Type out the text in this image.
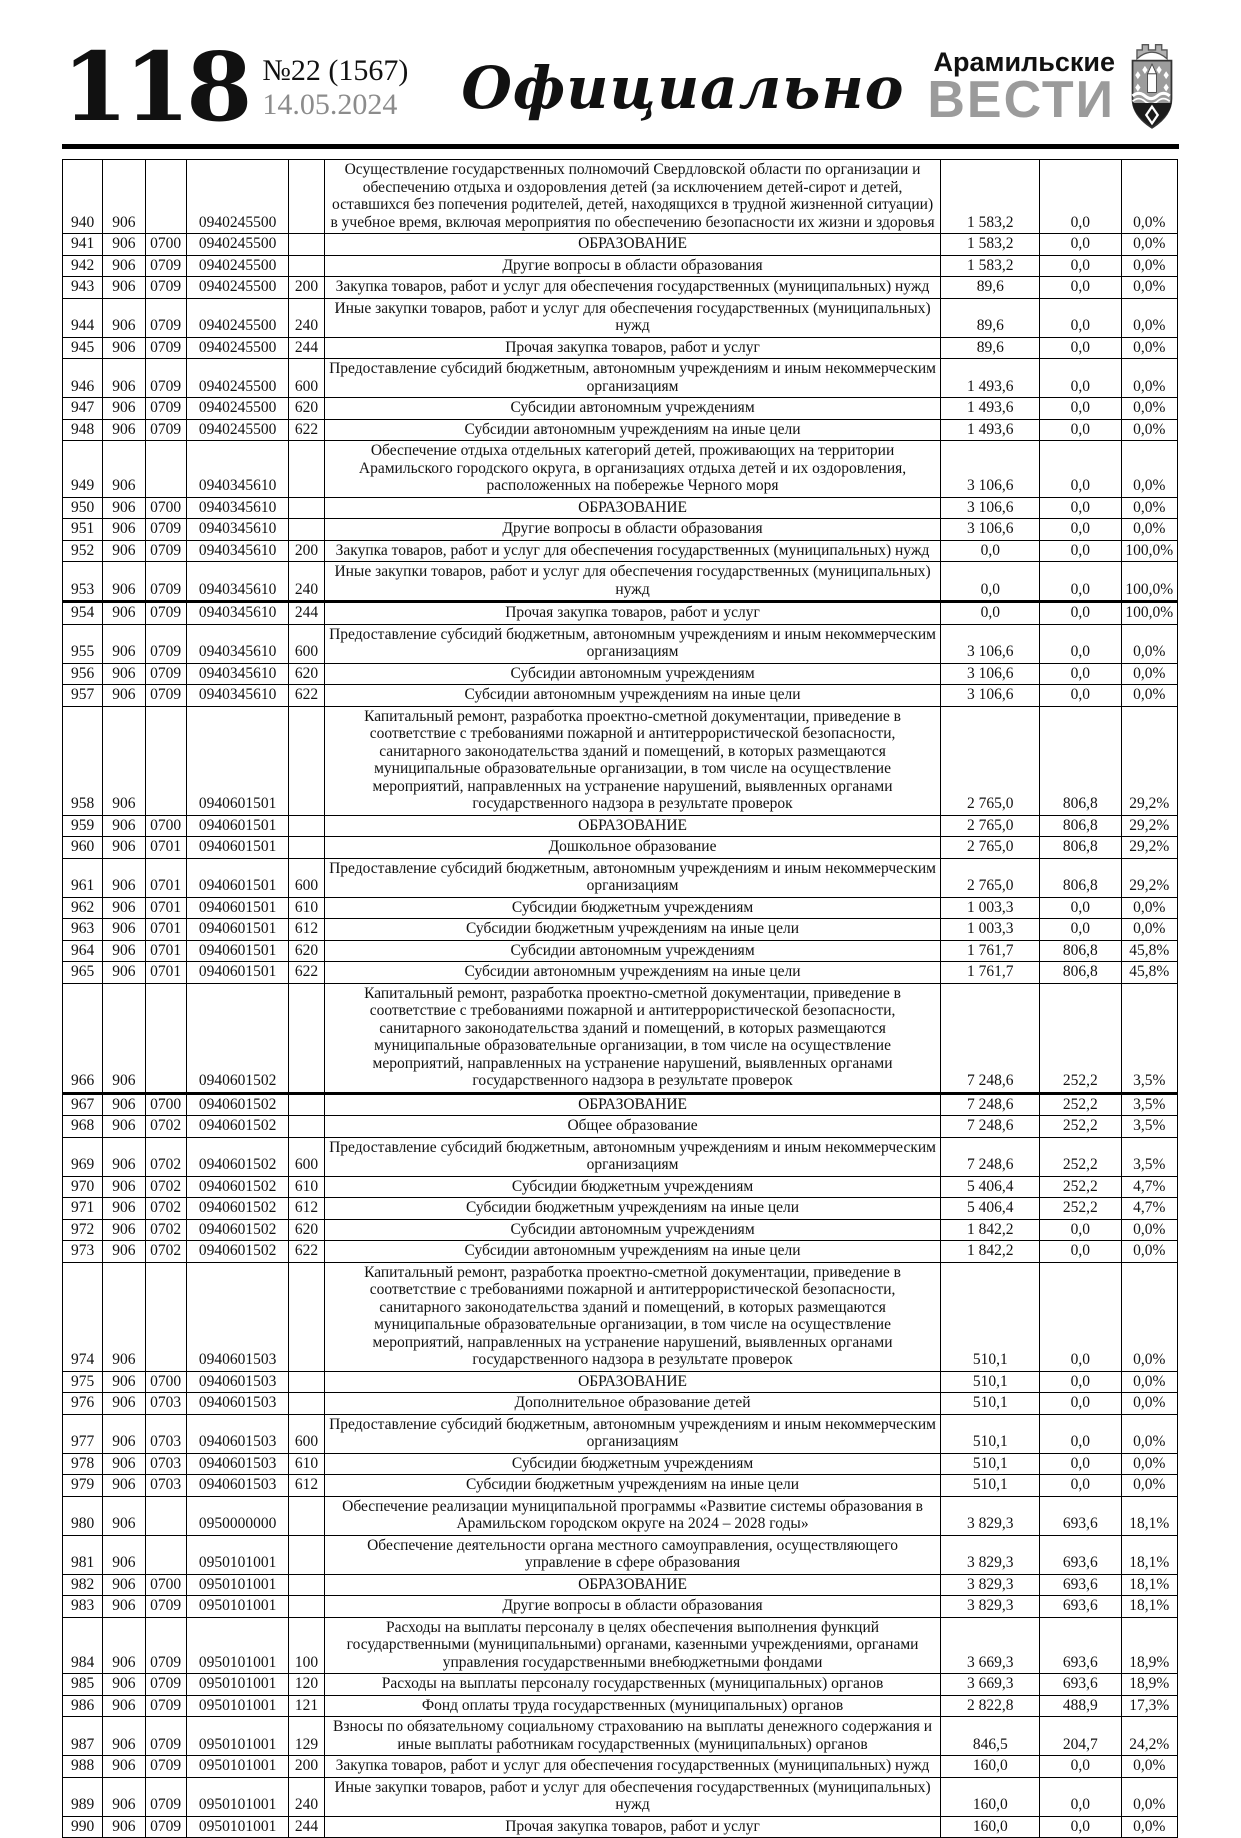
118 №22 (1567)
14.05.2024	Официально	Арамильские
ВЕСТИ
940	906		0940245500		Осуществление государственных полномочий Свердловской области по организации и обеспечению отдыха и оздоровления детей (за исключением детей-сирот и детей, оставшихся без попечения родителей, детей, находящихся в трудной жизненной ситуации) в учебное время, включая мероприятия по обеспечению безопасности их жизни и здоровья	1 583,2	0,0	0,0%
941	906	0700	0940245500		ОБРАЗОВАНИЕ	1 583,2	0,0	0,0%
942	906	0709	0940245500		Другие вопросы в области образования	1 583,2	0,0	0,0%
943	906	0709	0940245500	200	Закупка товаров, работ и услуг для обеспечения государственных (муниципальных) нужд	89,6	0,0	0,0%
944	906	0709	0940245500	240	Иные закупки товаров, работ и услуг для обеспечения государственных (муниципальных) нужд	89,6	0,0	0,0%
945	906	0709	0940245500	244	Прочая закупка товаров, работ и услуг	89,6	0,0	0,0%
946	906	0709	0940245500	600	Предоставление субсидий бюджетным, автономным учреждениям и иным некоммерческим организациям	1 493,6	0,0	0,0%
947	906	0709	0940245500	620	Субсидии автономным учреждениям	1 493,6	0,0	0,0%
948	906	0709	0940245500	622	Субсидии автономным учреждениям на иные цели	1 493,6	0,0	0,0%
949	906		0940345610		Обеспечение отдыха отдельных категорий детей, проживающих на территории Арамильского городского округа, в организациях отдыха детей и их оздоровления, расположенных на побережье Черного моря	3 106,6	0,0	0,0%
950	906	0700	0940345610		ОБРАЗОВАНИЕ	3 106,6	0,0	0,0%
951	906	0709	0940345610		Другие вопросы в области образования	3 106,6	0,0	0,0%
952	906	0709	0940345610	200	Закупка товаров, работ и услуг для обеспечения государственных (муниципальных) нужд	0,0	0,0	100,0%
953	906	0709	0940345610	240	Иные закупки товаров, работ и услуг для обеспечения государственных (муниципальных) нужд	0,0	0,0	100,0%
954	906	0709	0940345610	244	Прочая закупка товаров, работ и услуг	0,0	0,0	100,0%
955	906	0709	0940345610	600	Предоставление субсидий бюджетным, автономным учреждениям и иным некоммерческим организациям	3 106,6	0,0	0,0%
956	906	0709	0940345610	620	Субсидии автономным учреждениям	3 106,6	0,0	0,0%
957	906	0709	0940345610	622	Субсидии автономным учреждениям на иные цели	3 106,6	0,0	0,0%
958	906		0940601501		Капитальный ремонт, разработка проектно-сметной документации, приведение в соответствие с требованиями пожарной и антитеррористической безопасности, санитарного законодательства зданий и помещений, в которых размещаются муниципальные образовательные организации, в том числе на осуществление мероприятий, направленных на устранение нарушений, выявленных органами государственного надзора в результате проверок	2 765,0	806,8	29,2%
959	906	0700	0940601501		ОБРАЗОВАНИЕ	2 765,0	806,8	29,2%
960	906	0701	0940601501		Дошкольное образование	2 765,0	806,8	29,2%
961	906	0701	0940601501	600	Предоставление субсидий бюджетным, автономным учреждениям и иным некоммерческим организациям	2 765,0	806,8	29,2%
962	906	0701	0940601501	610	Субсидии бюджетным учреждениям	1 003,3	0,0	0,0%
963	906	0701	0940601501	612	Субсидии бюджетным учреждениям на иные цели	1 003,3	0,0	0,0%
964	906	0701	0940601501	620	Субсидии автономным учреждениям	1 761,7	806,8	45,8%
965	906	0701	0940601501	622	Субсидии автономным учреждениям на иные цели	1 761,7	806,8	45,8%
966	906		0940601502		Капитальный ремонт, разработка проектно-сметной документации, приведение в соответствие с требованиями пожарной и антитеррористической безопасности, санитарного законодательства зданий и помещений, в которых размещаются муниципальные образовательные организации, в том числе на осуществление мероприятий, направленных на устранение нарушений, выявленных органами государственного надзора в результате проверок	7 248,6	252,2	3,5%
967	906	0700	0940601502		ОБРАЗОВАНИЕ	7 248,6	252,2	3,5%
968	906	0702	0940601502		Общее образование	7 248,6	252,2	3,5%
969	906	0702	0940601502	600	Предоставление субсидий бюджетным, автономным учреждениям и иным некоммерческим организациям	7 248,6	252,2	3,5%
970	906	0702	0940601502	610	Субсидии бюджетным учреждениям	5 406,4	252,2	4,7%
971	906	0702	0940601502	612	Субсидии бюджетным учреждениям на иные цели	5 406,4	252,2	4,7%
972	906	0702	0940601502	620	Субсидии автономным учреждениям	1 842,2	0,0	0,0%
973	906	0702	0940601502	622	Субсидии автономным учреждениям на иные цели	1 842,2	0,0	0,0%
974	906		0940601503		Капитальный ремонт, разработка проектно-сметной документации, приведение в соответствие с требованиями пожарной и антитеррористической безопасности, санитарного законодательства зданий и помещений, в которых размещаются муниципальные образовательные организации, в том числе на осуществление мероприятий, направленных на устранение нарушений, выявленных органами государственного надзора в результате проверок	510,1	0,0	0,0%
975	906	0700	0940601503		ОБРАЗОВАНИЕ	510,1	0,0	0,0%
976	906	0703	0940601503		Дополнительное образование детей	510,1	0,0	0,0%
977	906	0703	0940601503	600	Предоставление субсидий бюджетным, автономным учреждениям и иным некоммерческим организациям	510,1	0,0	0,0%
978	906	0703	0940601503	610	Субсидии бюджетным учреждениям	510,1	0,0	0,0%
979	906	0703	0940601503	612	Субсидии бюджетным учреждениям на иные цели	510,1	0,0	0,0%
980	906		0950000000		Обеспечение реализации муниципальной программы «Развитие системы образования в Арамильском городском округе на 2024 – 2028 годы»	3 829,3	693,6	18,1%
981	906		0950101001		Обеспечение деятельности органа местного самоуправления, осуществляющего управление в сфере образования	3 829,3	693,6	18,1%
982	906	0700	0950101001		ОБРАЗОВАНИЕ	3 829,3	693,6	18,1%
983	906	0709	0950101001		Другие вопросы в области образования	3 829,3	693,6	18,1%
984	906	0709	0950101001	100	Расходы на выплаты персоналу в целях обеспечения выполнения функций государственными (муниципальными) органами, казенными учреждениями, органами управления государственными внебюджетными фондами	3 669,3	693,6	18,9%
985	906	0709	0950101001	120	Расходы на выплаты персоналу государственных (муниципальных) органов	3 669,3	693,6	18,9%
986	906	0709	0950101001	121	Фонд оплаты труда государственных (муниципальных) органов	2 822,8	488,9	17,3%
987	906	0709	0950101001	129	Взносы по обязательному социальному страхованию на выплаты денежного содержания и иные выплаты работникам государственных (муниципальных) органов	846,5	204,7	24,2%
988	906	0709	0950101001	200	Закупка товаров, работ и услуг для обеспечения государственных (муниципальных) нужд	160,0	0,0	0,0%
989	906	0709	0950101001	240	Иные закупки товаров, работ и услуг для обеспечения государственных (муниципальных) нужд	160,0	0,0	0,0%
990	906	0709	0950101001	244	Прочая закупка товаров, работ и услуг	160,0	0,0	0,0%
